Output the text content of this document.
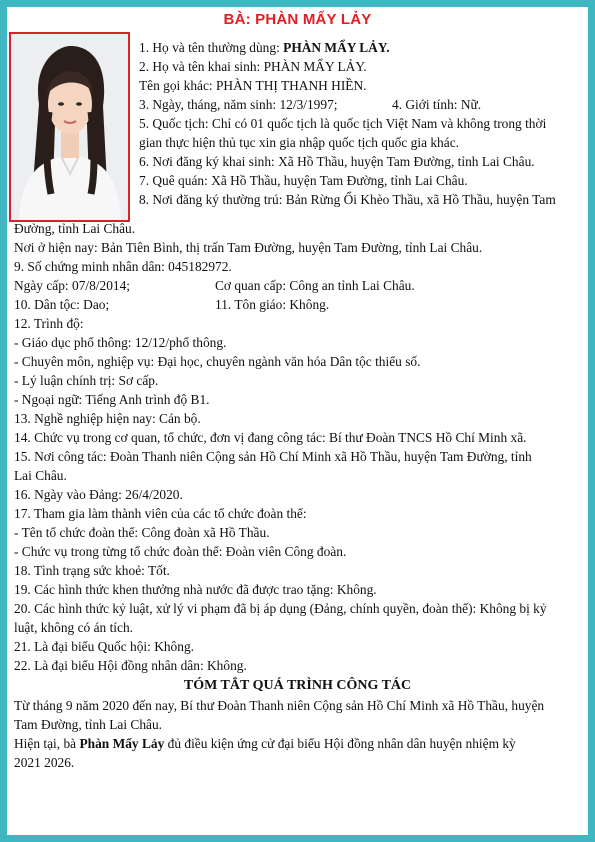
BÀ: PHÀN MẨY LẢY
1. Họ và tên thường dùng: PHÀN MẨY LẢY.
2. Họ và tên khai sinh: PHÀN MẨY LẢY.
Tên gọi khác: PHÀN THỊ THANH HIỀN.
3. Ngày, tháng, năm sinh: 12/3/1997;	4. Giới tính: Nữ.
5. Quốc tịch: Chỉ có 01 quốc tịch là quốc tịch Việt Nam và không trong thời
gian thực hiện thủ tục xin gia nhập quốc tịch quốc gia khác.
6. Nơi đăng ký khai sinh: Xã Hồ Thầu, huyện Tam Đường, tỉnh Lai Châu.
7. Quê quán: Xã Hồ Thầu, huyện Tam Đường, tỉnh Lai Châu.
8. Nơi đăng ký thường trú: Bản Rừng Ổi Khèo Thầu, xã Hồ Thầu, huyện Tam
Đường, tỉnh Lai Châu.
Nơi ở hiện nay: Bản Tiên Bình, thị trấn Tam Đường, huyện Tam Đường, tỉnh Lai Châu.
9. Số chứng minh nhân dân: 045182972.
Ngày cấp: 07/8/2014;	Cơ quan cấp: Công an tỉnh Lai Châu.
10. Dân tộc: Dao;	11. Tôn giáo: Không.
12. Trình độ:
- Giáo dục phổ thông: 12/12/phổ thông.
- Chuyên môn, nghiệp vụ: Đại học, chuyên ngành văn hóa Dân tộc thiểu số.
- Lý luận chính trị: Sơ cấp.
- Ngoại ngữ: Tiếng Anh trình độ B1.
13. Nghề nghiệp hiện nay: Cán bộ.
14. Chức vụ trong cơ quan, tổ chức, đơn vị đang công tác: Bí thư Đoàn TNCS Hồ Chí Minh xã.
15. Nơi công tác: Đoàn Thanh niên Cộng sản Hồ Chí Minh xã Hồ Thầu, huyện Tam Đường, tỉnh
Lai Châu.
16. Ngày vào Đảng: 26/4/2020.
17. Tham gia làm thành viên của các tổ chức đoàn thể:
- Tên tổ chức đoàn thể: Công đoàn xã Hồ Thầu.
- Chức vụ trong từng tổ chức đoàn thể: Đoàn viên Công đoàn.
18. Tình trạng sức khoẻ: Tốt.
19. Các hình thức khen thưởng nhà nước đã được trao tặng: Không.
20. Các hình thức kỷ luật, xử lý vi phạm đã bị áp dụng (Đảng, chính quyền, đoàn thể): Không bị kỷ
luật, không có án tích.
21. Là đại biểu Quốc hội: Không.
22. Là đại biểu Hội đồng nhân dân: Không.
TÓM TẮT QUÁ TRÌNH CÔNG TÁC
Từ tháng 9 năm 2020 đến nay, Bí thư Đoàn Thanh niên Cộng sản Hồ Chí Minh xã Hồ Thầu, huyện
Tam Đường, tỉnh Lai Châu.
Hiện tại, bà Phàn Mẩy Lảy đủ điều kiện ứng cử đại biểu Hội đồng nhân dân huyện nhiệm kỳ
2021 2026.
